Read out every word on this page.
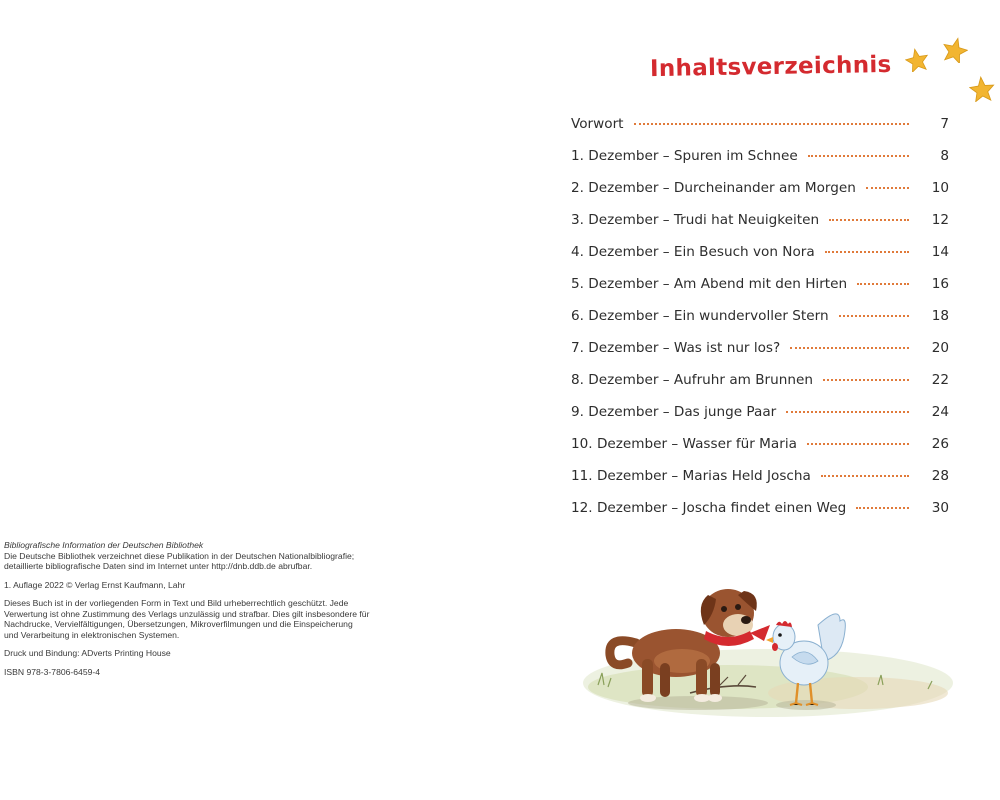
Bibliografische Information der Deutschen Bibliothek
Die Deutsche Bibliothek verzeichnet diese Publikation in der Deutschen Nationalbibliografie;
detaillierte bibliografische Daten sind im Internet unter http://dnb.ddb.de abrufbar.

1. Auflage 2022 © Verlag Ernst Kaufmann, Lahr

Dieses Buch ist in der vorliegenden Form in Text und Bild urheberrechtlich geschützt. Jede
Verwertung ist ohne Zustimmung des Verlags unzulässig und strafbar. Dies gilt insbesondere für
Nachdrucke, Vervielfältigungen, Übersetzungen, Mikroverfilmungen und die Einspeicherung
und Verarbeitung in elektronischen Systemen.

Druck und Bindung: ADverts Printing House

ISBN 978-3-7806-6459-4

Inhaltsverzeichnis
Vorwort	7
1. Dezember – Spuren im Schnee	8
2. Dezember – Durcheinander am Morgen	10
3. Dezember – Trudi hat Neuigkeiten	12
4. Dezember – Ein Besuch von Nora	14
5. Dezember – Am Abend mit den Hirten	16
6. Dezember – Ein wundervoller Stern	18
7. Dezember – Was ist nur los?	20
8. Dezember – Aufruhr am Brunnen	22
9. Dezember – Das junge Paar	24
10. Dezember – Wasser für Maria	26
11. Dezember – Marias Held Joscha	28
12. Dezember – Joscha findet einen Weg	30
